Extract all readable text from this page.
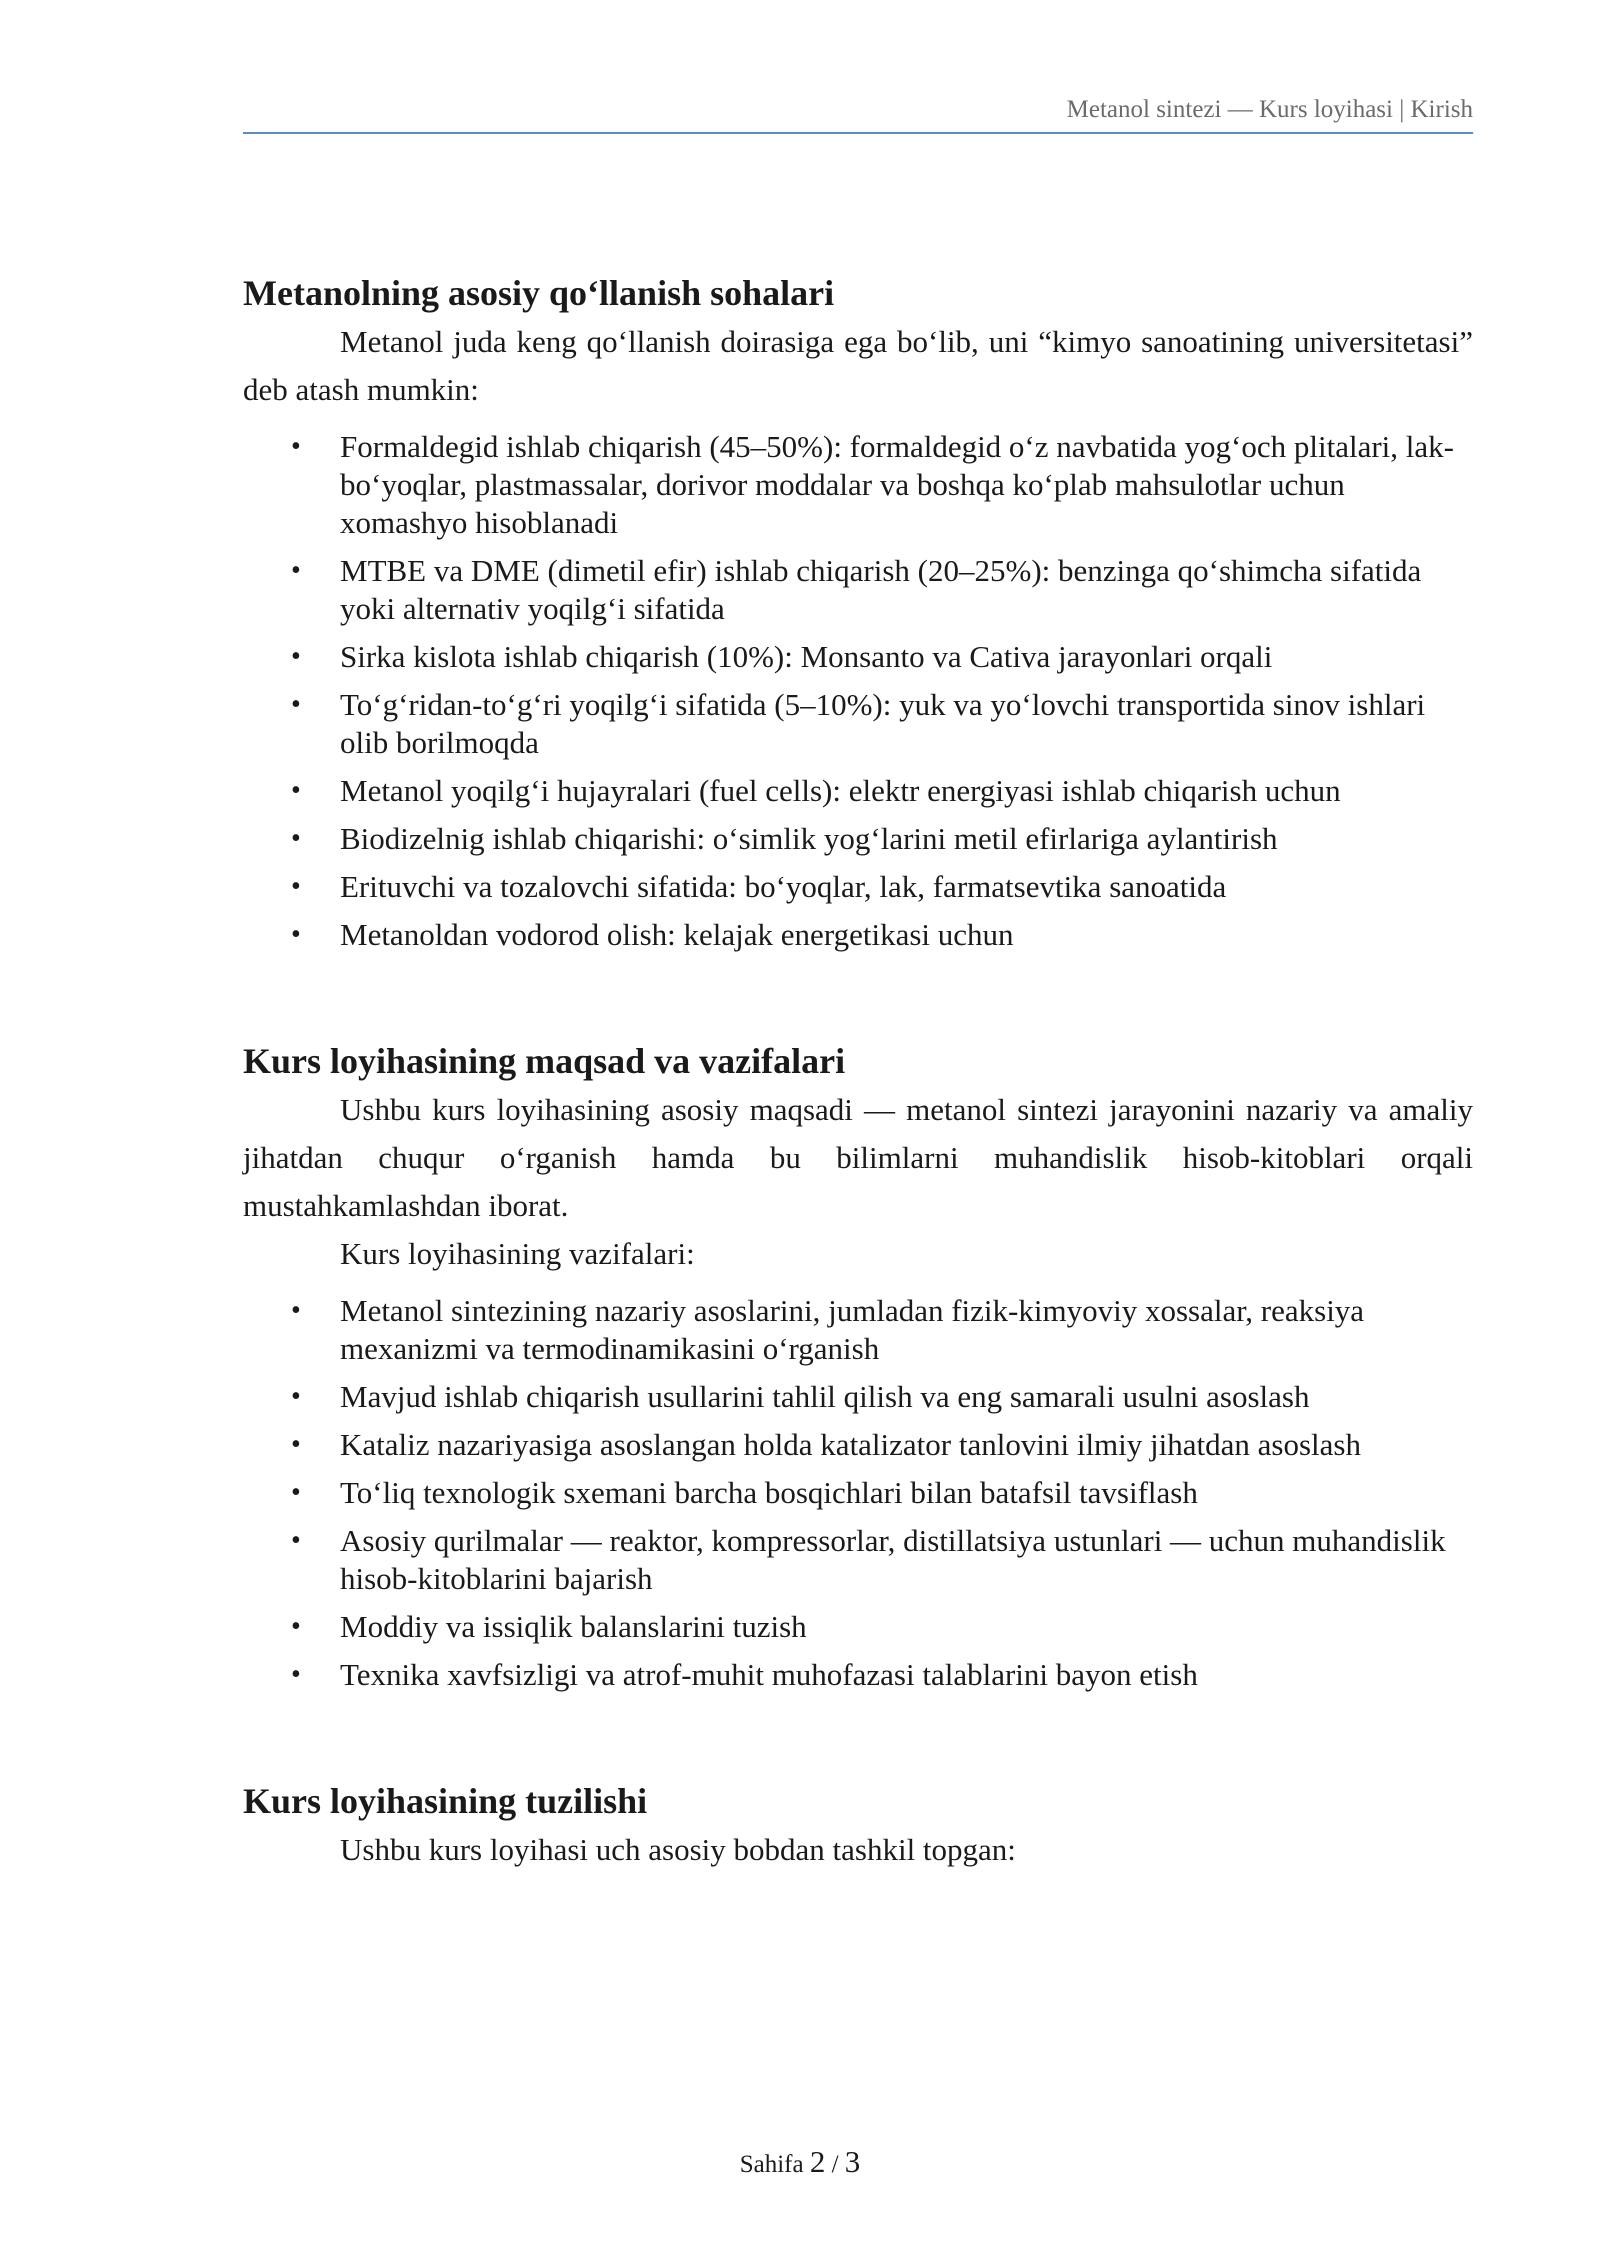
Metanol sintezi — Kurs loyihasi | Kirish
Metanolning asosiy qo‘llanish sohalari

Metanol juda keng qo‘llanish doirasiga ega bo‘lib, uni “kimyo sanoatining universitetasi” deb atash mumkin:

• Formaldegid ishlab chiqarish (45–50%): formaldegid o‘z navbatida yog‘och plitalari, lak-bo‘yoqlar, plastmassalar, dorivor moddalar va boshqa ko‘plab mahsulotlar uchun xomashyo hisoblanadi
• MTBE va DME (dimetil efir) ishlab chiqarish (20–25%): benzinga qo‘shimcha sifatida yoki alternativ yoqilg‘i sifatida
• Sirka kislota ishlab chiqarish (10%): Monsanto va Cativa jarayonlari orqali
• To‘g‘ridan-to‘g‘ri yoqilg‘i sifatida (5–10%): yuk va yo‘lovchi transportida sinov ishlari olib borilmoqda
• Metanol yoqilg‘i hujayralari (fuel cells): elektr energiyasi ishlab chiqarish uchun
• Biodizelnig ishlab chiqarishi: o‘simlik yog‘larini metil efirlariga aylantirish
• Erituvchi va tozalovchi sifatida: bo‘yoqlar, lak, farmatsevtika sanoatida
• Metanoldan vodorod olish: kelajak energetikasi uchun
Kurs loyihasining maqsad va vazifalari

Ushbu kurs loyihasining asosiy maqsadi — metanol sintezi jarayonini nazariy va amaliy jihatdan chuqur o‘rganish hamda bu bilimlarni muhandislik hisob-kitoblari orqali mustahkamlashdan iborat.

Kurs loyihasining vazifalari:

• Metanol sintezining nazariy asoslarini, jumladan fizik-kimyoviy xossalar, reaksiya mexanizmi va termodinamikasini o‘rganish
• Mavjud ishlab chiqarish usullarini tahlil qilish va eng samarali usulni asoslash
• Kataliz nazariyasiga asoslangan holda katalizator tanlovini ilmiy jihatdan asoslash
• To‘liq texnologik sxemani barcha bosqichlari bilan batafsil tavsiflash
• Asosiy qurilmalar — reaktor, kompressorlar, distillatsiya ustunlari — uchun muhandislik hisob-kitoblarini bajarish
• Moddiy va issiqlik balanslarini tuzish
• Texnika xavfsizligi va atrof-muhit muhofazasi talablarini bayon etish
Kurs loyihasining tuzilishi

Ushbu kurs loyihasi uch asosiy bobdan tashkil topgan:

Sahifa 2 / 3
